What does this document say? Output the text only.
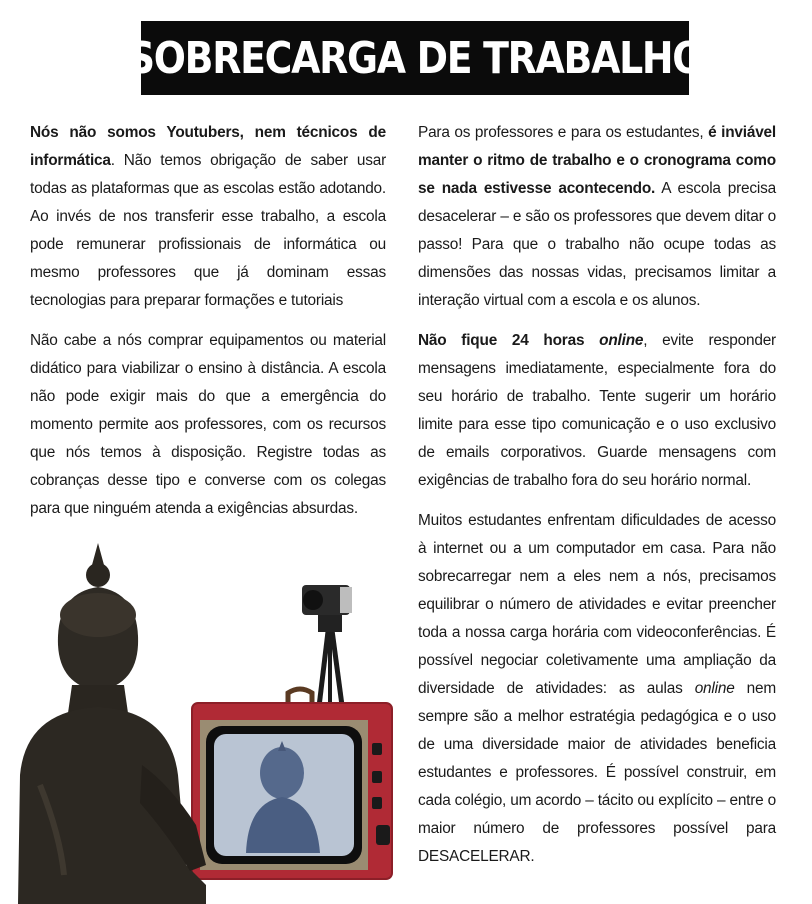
SOBRECARGA DE TRABALHO

Nós não somos Youtubers, nem técnicos de informática. Não temos obrigação de saber usar todas as plataformas que as escolas estão adotando. Ao invés de nos transferir esse trabalho, a escola pode remunerar profissionais de informática ou mesmo professores que já dominam essas tecnologias para preparar formações e tutoriais

Não cabe a nós comprar equipamentos ou material didático para viabilizar o ensino à distância. A escola não pode exigir mais do que a emergência do momento permite aos professores, com os recursos que nós temos à disposição. Registre todas as cobranças desse tipo e converse com os colegas para que ninguém atenda a exigências absurdas.

Para os professores e para os estudantes, é inviável manter o ritmo de trabalho e o cronograma como se nada estivesse acontecendo. A escola precisa desacelerar – e são os professores que devem ditar o passo! Para que o trabalho não ocupe todas as dimensões das nossas vidas, precisamos limitar a interação virtual com a escola e os alunos.

Não fique 24 horas online, evite responder mensagens imediatamente, especialmente fora do seu horário de trabalho. Tente sugerir um horário limite para esse tipo comunicação e o uso exclusivo de emails corporativos. Guarde mensagens com exigências de trabalho fora do seu horário normal.

Muitos estudantes enfrentam dificuldades de acesso à internet ou a um computador em casa. Para não sobrecarregar nem a eles nem a nós, precisamos equilibrar o número de atividades e evitar preencher toda a nossa carga horária com videoconferências. É possível negociar coletivamente uma ampliação da diversidade de atividades: as aulas online nem sempre são a melhor estratégia pedagógica e o uso de uma diversidade maior de atividades beneficia estudantes e professores. É possível construir, em cada colégio, um acordo – tácito ou explícito – entre o maior número de professores possível para DESACELERAR.
